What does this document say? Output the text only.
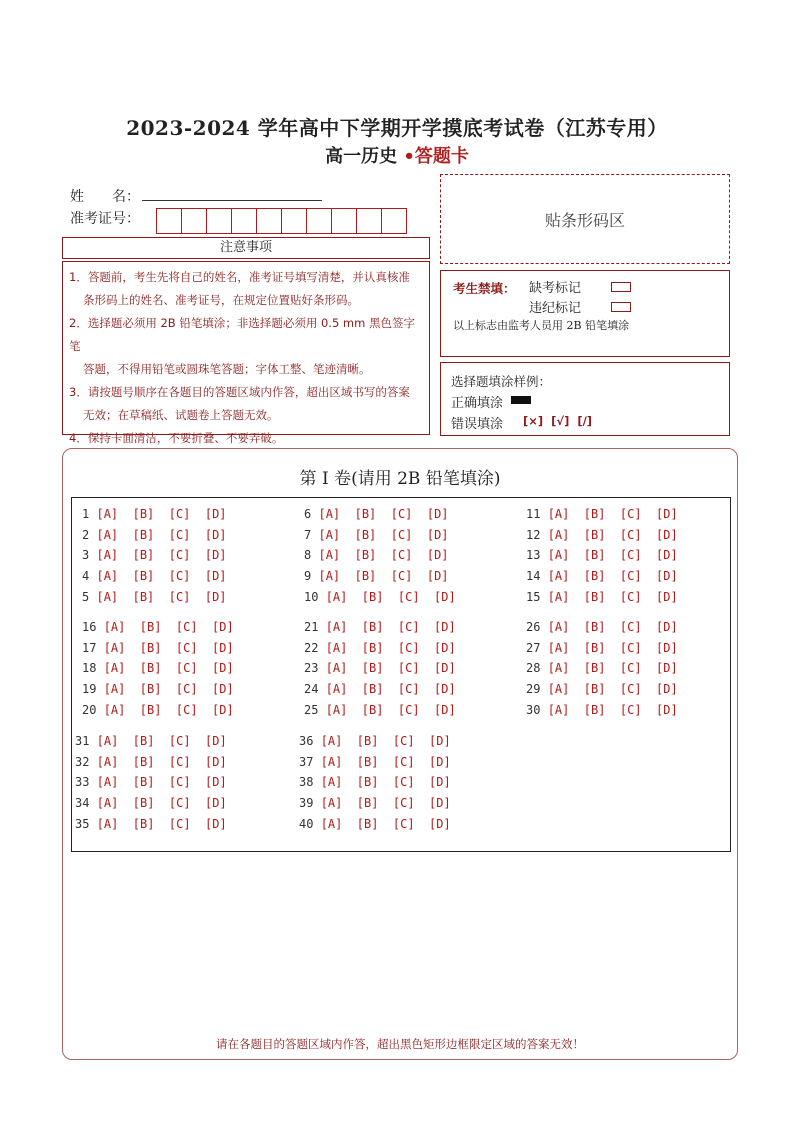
2023-2024 学年高中下学期开学摸底考试卷（江苏专用）
高一历史 •答题卡
姓　　名：
准考证号：	贴条形码区
注意事项

1．答题前，考生先将自己的姓名，准考证号填写清楚，并认真核准

条形码上的姓名、准考证号，在规定位置贴好条形码。

2．选择题必须用 2B 铅笔填涂；非选择题必须用 0.5 mm 黑色签字笔

答题，不得用铅笔或圆珠笔答题；字体工整、笔迹清晰。

3．请按题号顺序在各题目的答题区域内作答，超出区域书写的答案

无效；在草稿纸、试题卷上答题无效。

4．保持卡面清洁，不要折叠、不要弄破。

考生禁填： 缺考标记
违纪标记
以上标志由监考人员用 2B 铅笔填涂
选择题填涂样例：
正确填涂
错误填涂 [×]  [√]  [/]
第 I 卷(请用 2B 铅笔填涂)
1 [A]  [B]  [C]  [D]
2 [A]  [B]  [C]  [D]
3 [A]  [B]  [C]  [D]
4 [A]  [B]  [C]  [D]
5 [A]  [B]  [C]  [D]
6 [A]  [B]  [C]  [D]
7 [A]  [B]  [C]  [D]
8 [A]  [B]  [C]  [D]
9 [A]  [B]  [C]  [D]
10 [A]  [B]  [C]  [D]
11 [A]  [B]  [C]  [D]
12 [A]  [B]  [C]  [D]
13 [A]  [B]  [C]  [D]
14 [A]  [B]  [C]  [D]
15 [A]  [B]  [C]  [D]
16 [A]  [B]  [C]  [D]
17 [A]  [B]  [C]  [D]
18 [A]  [B]  [C]  [D]
19 [A]  [B]  [C]  [D]
20 [A]  [B]  [C]  [D]
21 [A]  [B]  [C]  [D]
22 [A]  [B]  [C]  [D]
23 [A]  [B]  [C]  [D]
24 [A]  [B]  [C]  [D]
25 [A]  [B]  [C]  [D]
26 [A]  [B]  [C]  [D]
27 [A]  [B]  [C]  [D]
28 [A]  [B]  [C]  [D]
29 [A]  [B]  [C]  [D]
30 [A]  [B]  [C]  [D]
31 [A]  [B]  [C]  [D]
32 [A]  [B]  [C]  [D]
33 [A]  [B]  [C]  [D]
34 [A]  [B]  [C]  [D]
35 [A]  [B]  [C]  [D]
36 [A]  [B]  [C]  [D]
37 [A]  [B]  [C]  [D]
38 [A]  [B]  [C]  [D]
39 [A]  [B]  [C]  [D]
40 [A]  [B]  [C]  [D]
请在各题目的答题区域内作答，超出黑色矩形边框限定区域的答案无效！
